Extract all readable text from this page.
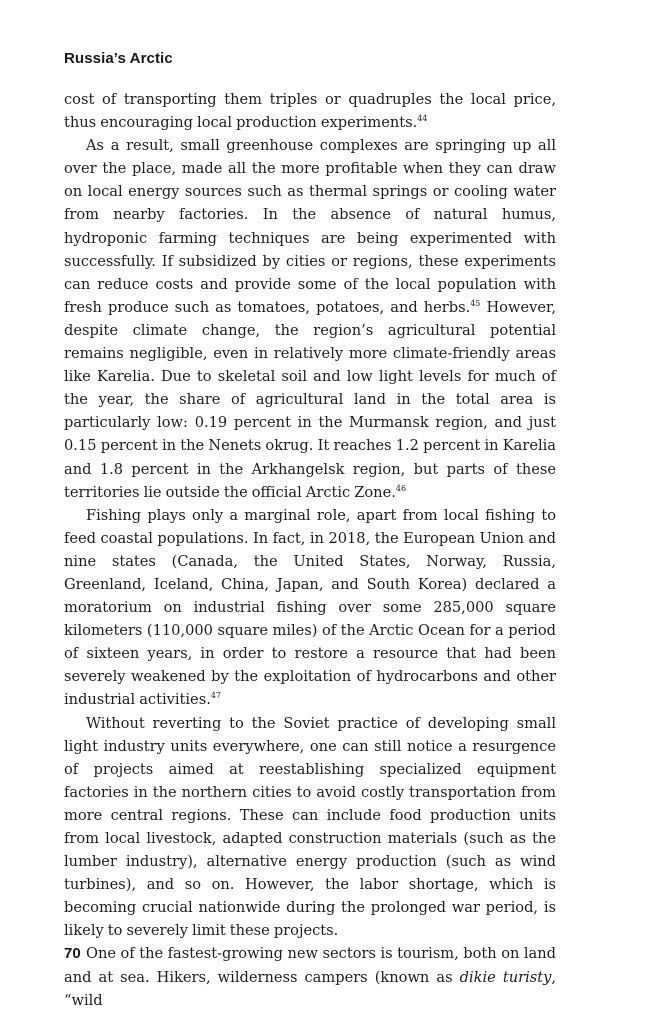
Russia’s Arctic

cost of transporting them triples or quadruples the local price, thus encouraging local production experiments.$^{44}$

As a result, small greenhouse complexes are springing up all over the place, made all the more profitable when they can draw on local energy sources such as thermal springs or cooling water from nearby factories. In the absence of natural humus, hydroponic farming techniques are being experimented with successfully. If subsidized by cities or regions, these experiments can reduce costs and provide some of the local population with fresh produce such as tomatoes, potatoes, and herbs.$^{45}$ However, despite climate change, the region’s agricultural potential remains negligible, even in relatively more climate-friendly areas like Karelia. Due to skeletal soil and low light levels for much of the year, the share of agricultural land in the total area is particularly low: 0.19 percent in the Murmansk region, and just 0.15 percent in the Nenets okrug. It reaches 1.2 percent in Karelia and 1.8 percent in the Arkhangelsk region, but parts of these territories lie outside the official Arctic Zone.$^{46}$

Fishing plays only a marginal role, apart from local fishing to feed coastal populations. In fact, in 2018, the European Union and nine states (Canada, the United States, Norway, Russia, Greenland, Iceland, China, Japan, and South Korea) declared a moratorium on industrial fishing over some 285,000 square kilometers (110,000 square miles) of the Arctic Ocean for a period of sixteen years, in order to restore a resource that had been severely weakened by the exploitation of hydrocarbons and other industrial activities.$^{47}$

Without reverting to the Soviet practice of developing small light industry units everywhere, one can still notice a resurgence of projects aimed at reestablishing specialized equipment factories in the northern cities to avoid costly transportation from more central regions. These can include food production units from local livestock, adapted construction materials (such as the lumber industry), alternative energy production (such as wind turbines), and so on. However, the labor shortage, which is becoming crucial nationwide during the prolonged war period, is likely to severely limit these projects.

One of the fastest-growing new sectors is tourism, both on land and at sea. Hikers, wilderness campers (known as dikie turisty, “wild

70
